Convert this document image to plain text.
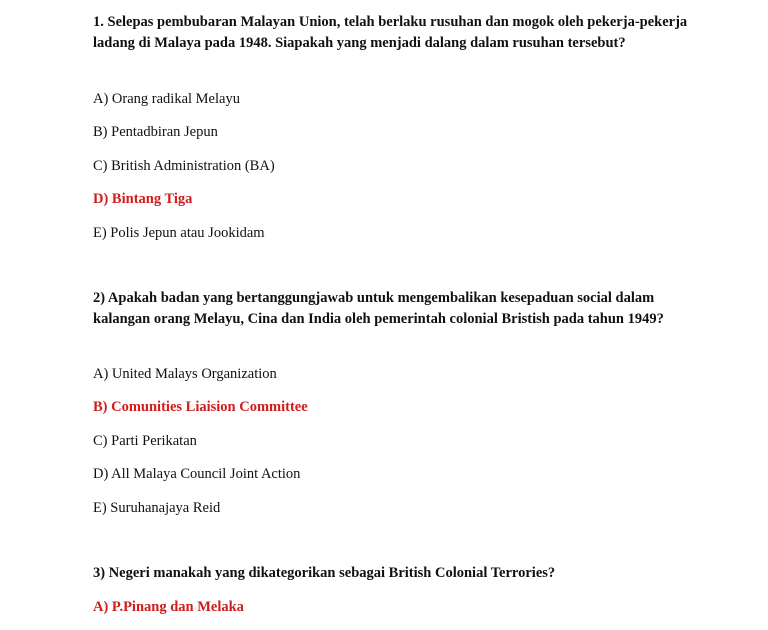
1. Selepas pembubaran Malayan Union, telah berlaku rusuhan dan mogok oleh pekerja-pekerja ladang di Malaya pada 1948. Siapakah yang menjadi dalang dalam rusuhan tersebut?

A) Orang radikal Melayu
B) Pentadbiran Jepun
C) British Administration (BA)
D) Bintang Tiga
E) Polis Jepun atau Jookidam

2) Apakah badan yang bertanggungjawab untuk mengembalikan kesepaduan social dalam kalangan orang Melayu, Cina dan India oleh pemerintah colonial Bristish pada tahun 1949?

A) United Malays Organization
B) Comunities Liaision Committee
C) Parti Perikatan
D) All Malaya Council Joint Action
E) Suruhanajaya Reid

3) Negeri manakah yang dikategorikan sebagai British Colonial Terrories?

A) P.Pinang dan Melaka
